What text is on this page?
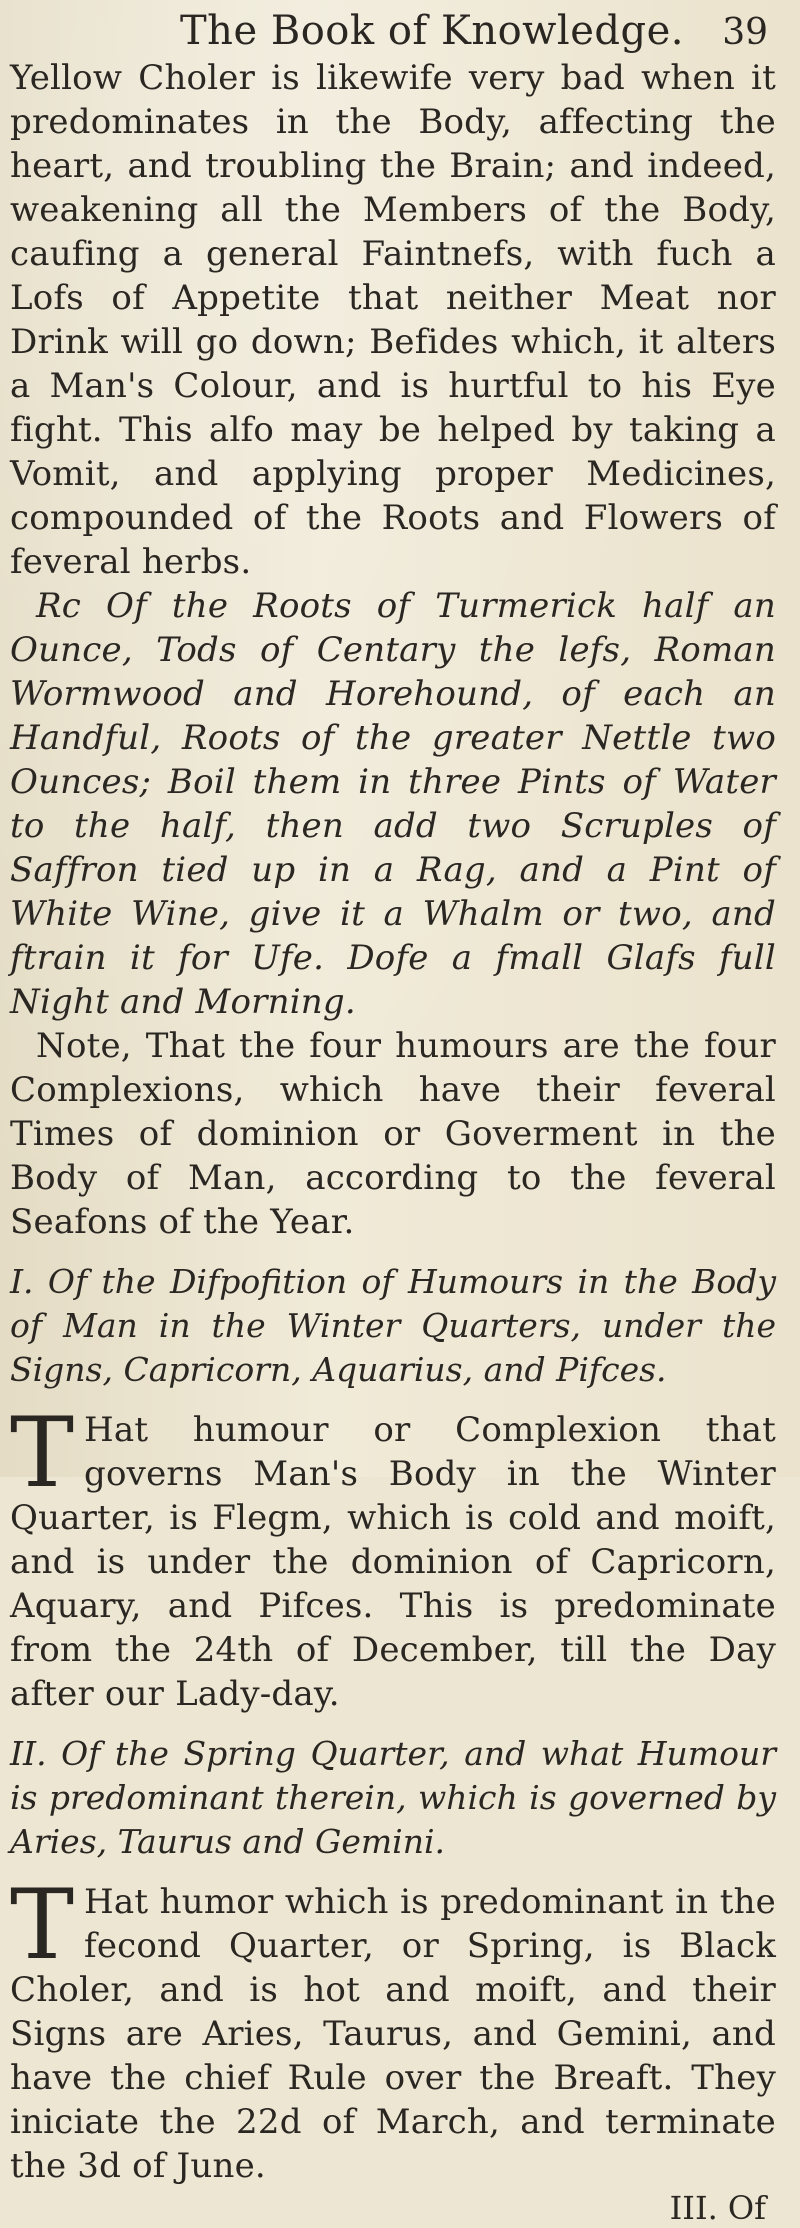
The Book of Knowledge. 39

Yellow Choler is likewife very bad when it predominates in the Body, affecting the heart, and troubling the Brain; and indeed, weakening all the Members of the Body, caufing a general Faintnefs, with fuch a Lofs of Appetite that neither Meat nor Drink will go down; Befides which, it alters a Man's Colour, and is hurtful to his Eye fight. This alfo may be helped by taking a Vomit, and applying proper Medicines, compounded of the Roots and Flowers of feveral herbs.

Rc Of the Roots of Turmerick half an Ounce, Tods of Centary the lefs, Roman Wormwood and Horehound, of each an Handful, Roots of the greater Nettle two Ounces; Boil them in three Pints of Water to the half, then add two Scruples of Saffron tied up in a Rag, and a Pint of White Wine, give it a Whalm or two, and ftrain it for Ufe. Dofe a fmall Glafs full Night and Morning.

Note, That the four humours are the four Complexions, which have their feveral Times of dominion or Goverment in the Body of Man, according to the feveral Seafons of the Year.

I. Of the Difpofition of Humours in the Body of Man in the Winter Quarters, under the Signs, Capricorn, Aquarius, and Pifces.

T Hat humour or Complexion that governs Man's Body in the Winter Quarter, is Flegm, which is cold and moift, and is under the dominion of Capricorn, Aquary, and Pifces. This is predominate from the 24th of December, till the Day after our Lady-day.

II. Of the Spring Quarter, and what Humour is predominant therein, which is governed by Aries, Taurus and Gemini.

T Hat humor which is predominant in the fecond Quarter, or Spring, is Black Choler, and is hot and moift, and their Signs are Aries, Taurus, and Gemini, and have the chief Rule over the Breaft. They iniciate the 22d of March, and terminate the 3d of June.

III. Of
